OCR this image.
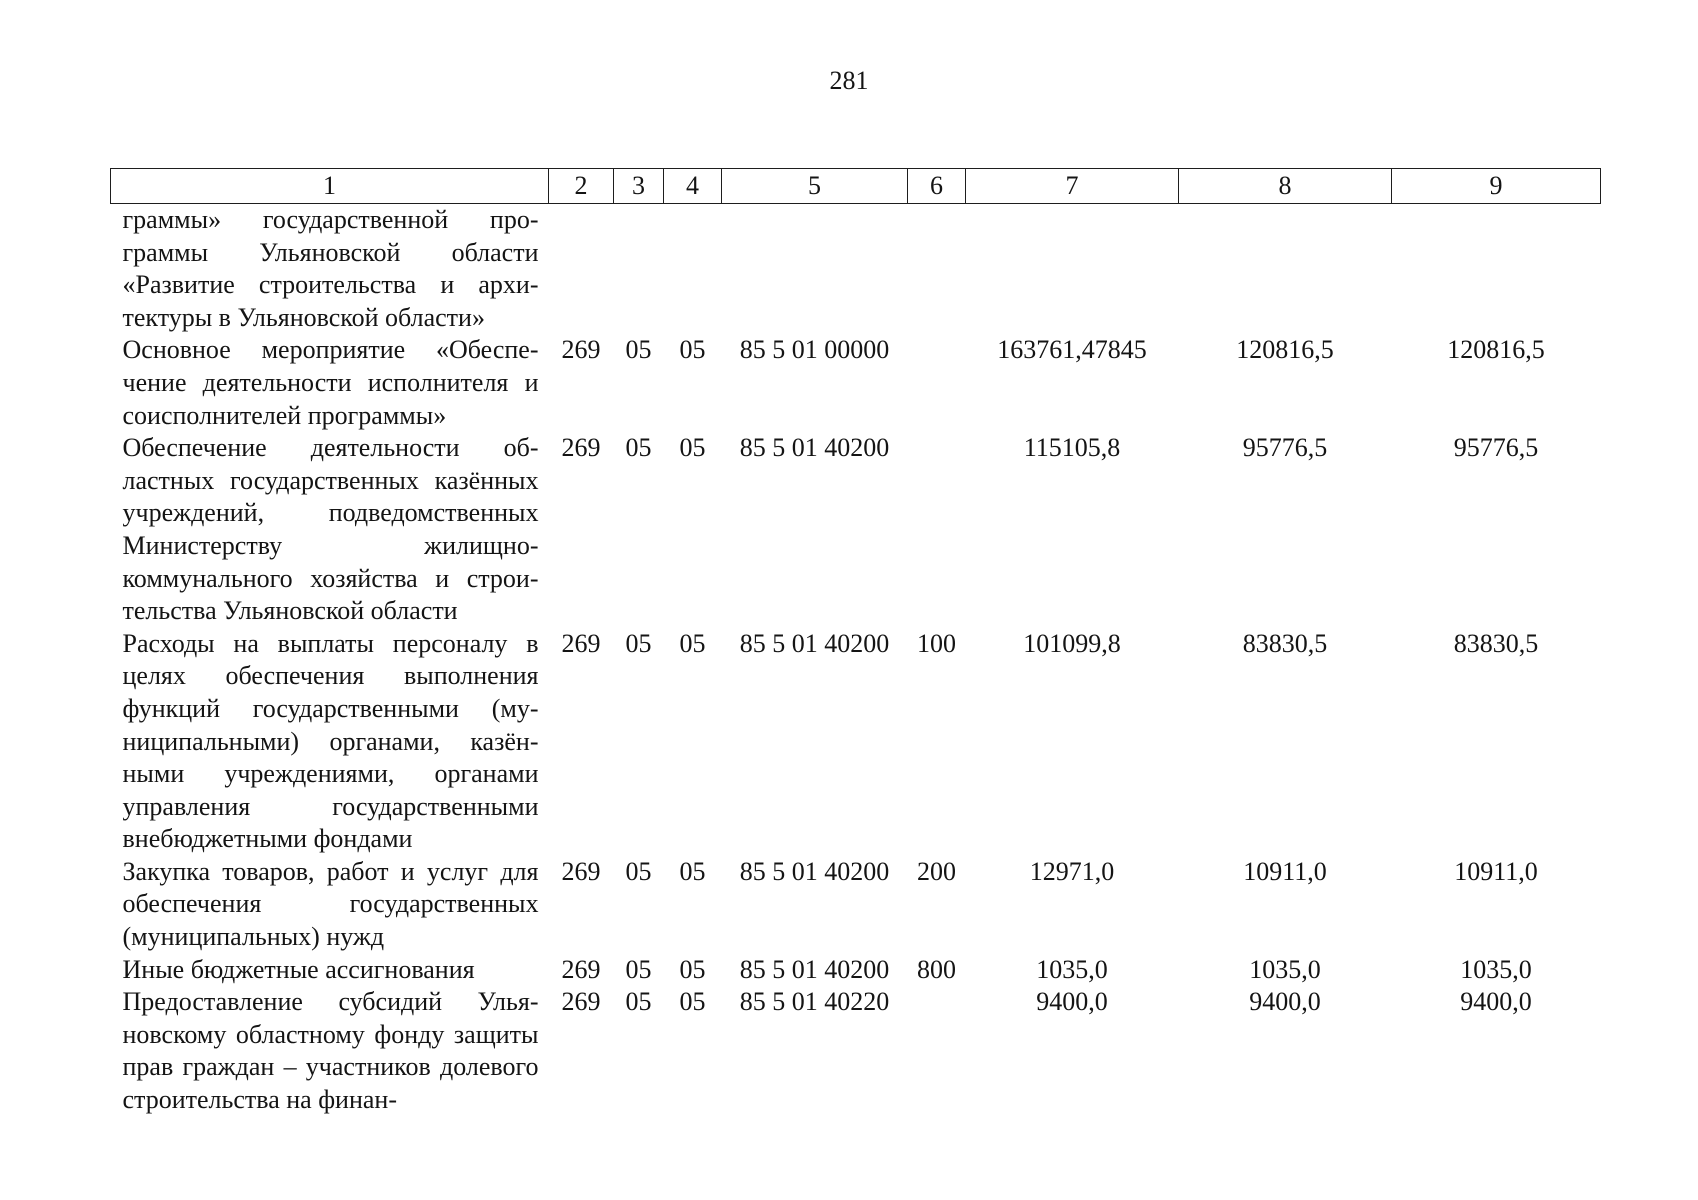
281
1	2	3	4	5	6	7	8	9
граммы» государственной программы Ульяновской области «Развитие строительства и архитектуры в Ульяновской области»								
Основное мероприятие «Обеспечение деятельности исполнителя и соисполнителей программы»	269	05	05	85 5 01 00000		163761,47845	120816,5	120816,5
Обеспечение деятельности областных государственных казённых учреждений, подведомственных Министерству жилищно-коммунального хозяйства и строительства Ульяновской области	269	05	05	85 5 01 40200		115105,8	95776,5	95776,5
Расходы на выплаты персоналу в целях обеспечения выполнения функций государственными (муниципальными) органами, казёнными учреждениями, органами управления государственными внебюджетными фондами	269	05	05	85 5 01 40200	100	101099,8	83830,5	83830,5
Закупка товаров, работ и услуг для обеспечения государственных (муниципальных) нужд	269	05	05	85 5 01 40200	200	12971,0	10911,0	10911,0
Иные бюджетные ассигнования	269	05	05	85 5 01 40200	800	1035,0	1035,0	1035,0
Предоставление субсидий Ульяновскому областному фонду защиты прав граждан – участников долевого строительства на финан-	269	05	05	85 5 01 40220		9400,0	9400,0	9400,0
